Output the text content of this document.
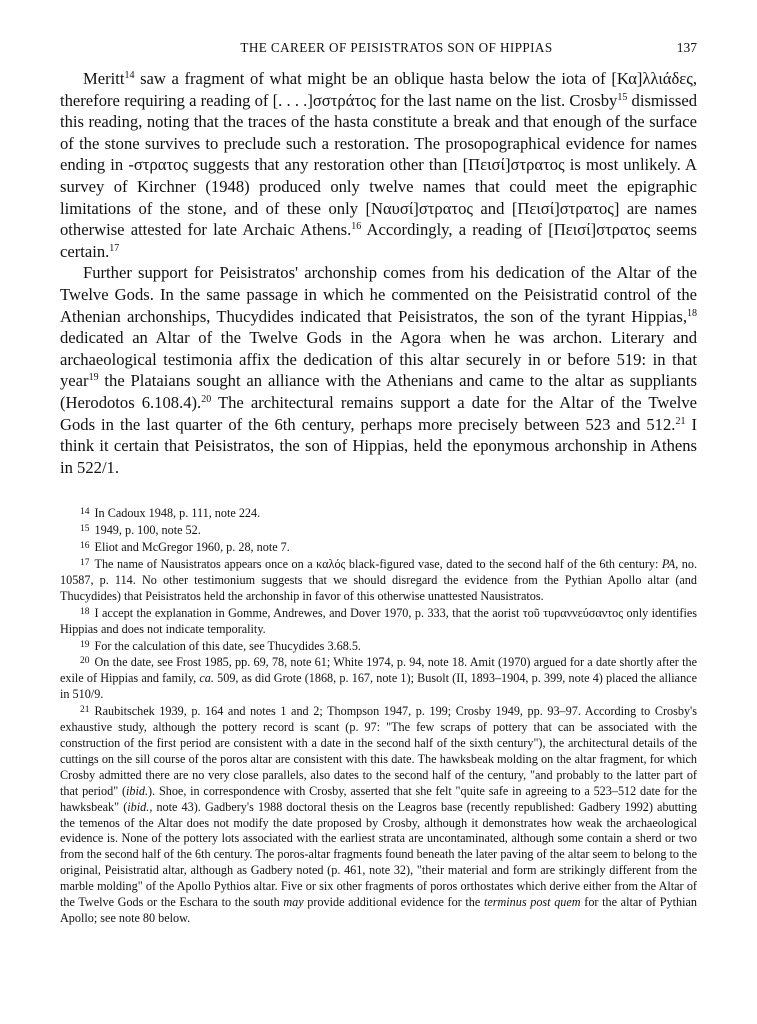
THE CAREER OF PEISISTRATOS SON OF HIPPIAS	137

Meritt$^{14}$ saw a fragment of what might be an oblique hasta below the iota of [Κα]λλιάδες, therefore requiring a reading of [. . . .]σστράτος for the last name on the list. Crosby$^{15}$ dismissed this reading, noting that the traces of the hasta constitute a break and that enough of the surface of the stone survives to preclude such a restoration. The prosopographical evidence for names ending in -στρατος suggests that any restoration other than [Πεισί]στρατος is most unlikely. A survey of Kirchner (1948) produced only twelve names that could meet the epigraphic limitations of the stone, and of these only [Ναυσί]στρατος and [Πεισί]στρατος] are names otherwise attested for late Archaic Athens.$^{16}$ Accordingly, a reading of [Πεισί]στρατος seems certain.$^{17}$

Further support for Peisistratos' archonship comes from his dedication of the Altar of the Twelve Gods. In the same passage in which he commented on the Peisistratid control of the Athenian archonships, Thucydides indicated that Peisistratos, the son of the tyrant Hippias,$^{18}$ dedicated an Altar of the Twelve Gods in the Agora when he was archon. Literary and archaeological testimonia affix the dedication of this altar securely in or before 519: in that year$^{19}$ the Plataians sought an alliance with the Athenians and came to the altar as suppliants (Herodotos 6.108.4).$^{20}$ The architectural remains support a date for the Altar of the Twelve Gods in the last quarter of the 6th century, perhaps more precisely between 523 and 512.21 I think it certain that Peisistratos, the son of Hippias, held the eponymous archonship in Athens in 522/1.

$^{14}$ In Cadoux 1948, p. 111, note 224.

$^{15}$ 1949, p. 100, note 52.

$^{16}$ Eliot and McGregor 1960, p. 28, note 7.

$^{17}$ The name of Nausistratos appears once on a καλός black-figured vase, dated to the second half of the 6th century: PA, no. 10587, p. 114. No other testimonium suggests that we should disregard the evidence from the Pythian Apollo altar (and Thucydides) that Peisistratos held the archonship in favor of this otherwise unattested Nausistratos.

$^{18}$ I accept the explanation in Gomme, Andrewes, and Dover 1970, p. 333, that the aorist τοῦ τυραννεύσαντος only identifies Hippias and does not indicate temporality.

$^{19}$ For the calculation of this date, see Thucydides 3.68.5.

$^{20}$ On the date, see Frost 1985, pp. 69, 78, note 61; White 1974, p. 94, note 18. Amit (1970) argued for a date shortly after the exile of Hippias and family, ca. 509, as did Grote (1868, p. 167, note 1); Busolt (II, 1893–1904, p. 399, note 4) placed the alliance in 510/9.

$^{21}$ Raubitschek 1939, p. 164 and notes 1 and 2; Thompson 1947, p. 199; Crosby 1949, pp. 93–97. According to Crosby's exhaustive study, although the pottery record is scant (p. 97: "The few scraps of pottery that can be associated with the construction of the first period are consistent with a date in the second half of the sixth century"), the architectural details of the cuttings on the sill course of the poros altar are consistent with this date. The hawksbeak molding on the altar fragment, for which Crosby admitted there are no very close parallels, also dates to the second half of the century, "and probably to the latter part of that period" (ibid.). Shoe, in correspondence with Crosby, asserted that she felt "quite safe in agreeing to a 523–512 date for the hawksbeak" (ibid., note 43). Gadbery's 1988 doctoral thesis on the Leagros base (recently republished: Gadbery 1992) abutting the temenos of the Altar does not modify the date proposed by Crosby, although it demonstrates how weak the archaeological evidence is. None of the pottery lots associated with the earliest strata are uncontaminated, although some contain a sherd or two from the second half of the 6th century. The poros-altar fragments found beneath the later paving of the altar seem to belong to the original, Peisistratid altar, although as Gadbery noted (p. 461, note 32), "their material and form are strikingly different from the marble molding" of the Apollo Pythios altar. Five or six other fragments of poros orthostates which derive either from the Altar of the Twelve Gods or the Eschara to the south may provide additional evidence for the terminus post quem for the altar of Pythian Apollo; see note 80 below.
